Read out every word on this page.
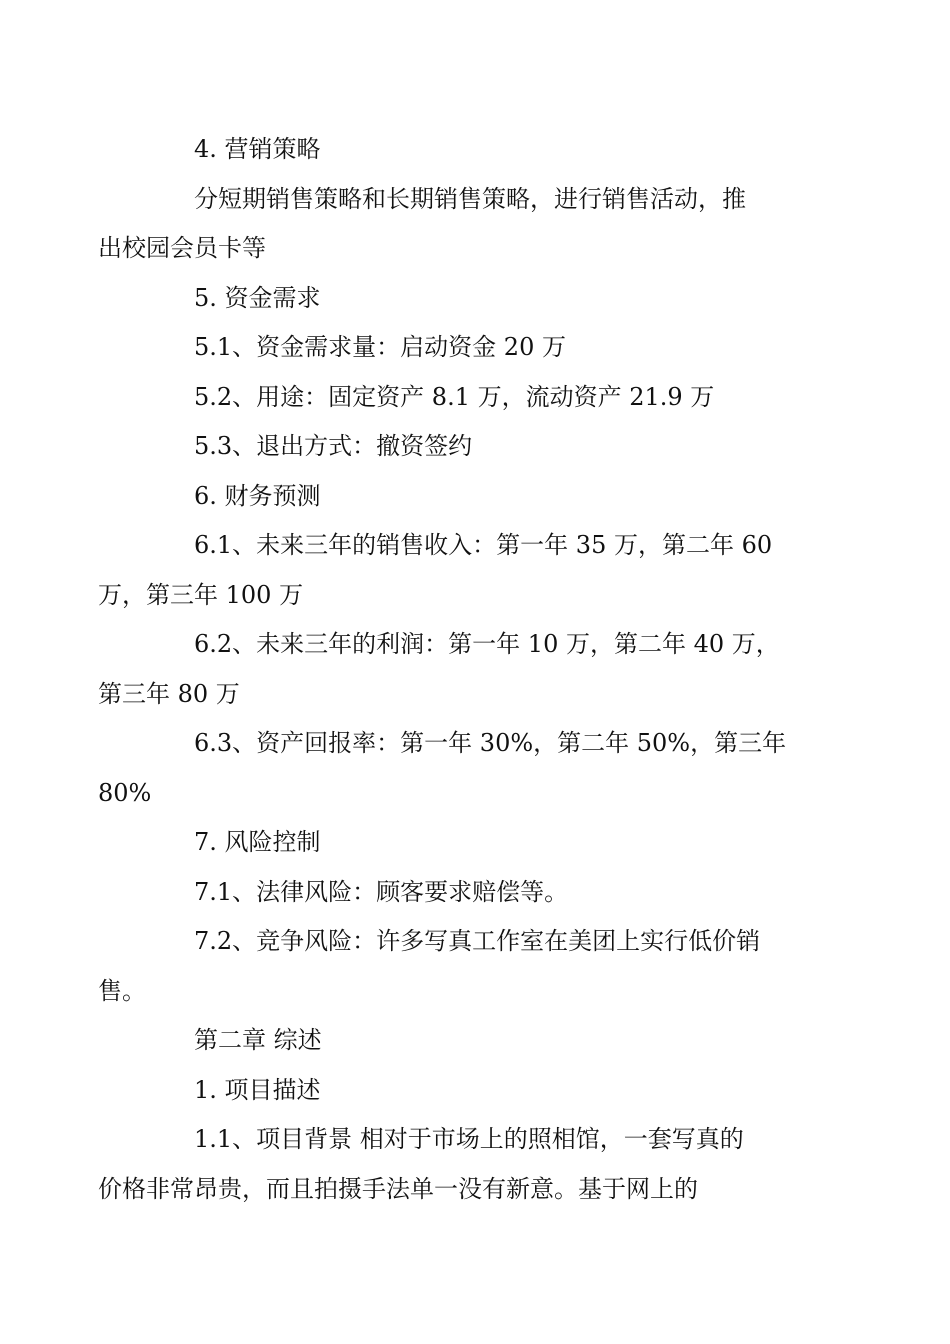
4. 营销策略
分短期销售策略和长期销售策略，进行销售活动，推
出校园会员卡等
5. 资金需求
5.1、资金需求量：启动资金 20 万
5.2、用途：固定资产 8.1 万，流动资产 21.9 万
5.3、退出方式：撤资签约
6. 财务预测
6.1、未来三年的销售收入：第一年 35 万，第二年 60
万，第三年 100 万
6.2、未来三年的利润：第一年 10 万，第二年 40 万，
第三年 80 万
6.3、资产回报率：第一年 30%，第二年 50%，第三年
80%
7. 风险控制
7.1、法律风险：顾客要求赔偿等。
7.2、竞争风险：许多写真工作室在美团上实行低价销
售。
第二章 综述
1. 项目描述
1.1、项目背景 相对于市场上的照相馆，一套写真的
价格非常昂贵，而且拍摄手法单一没有新意。基于网上的
